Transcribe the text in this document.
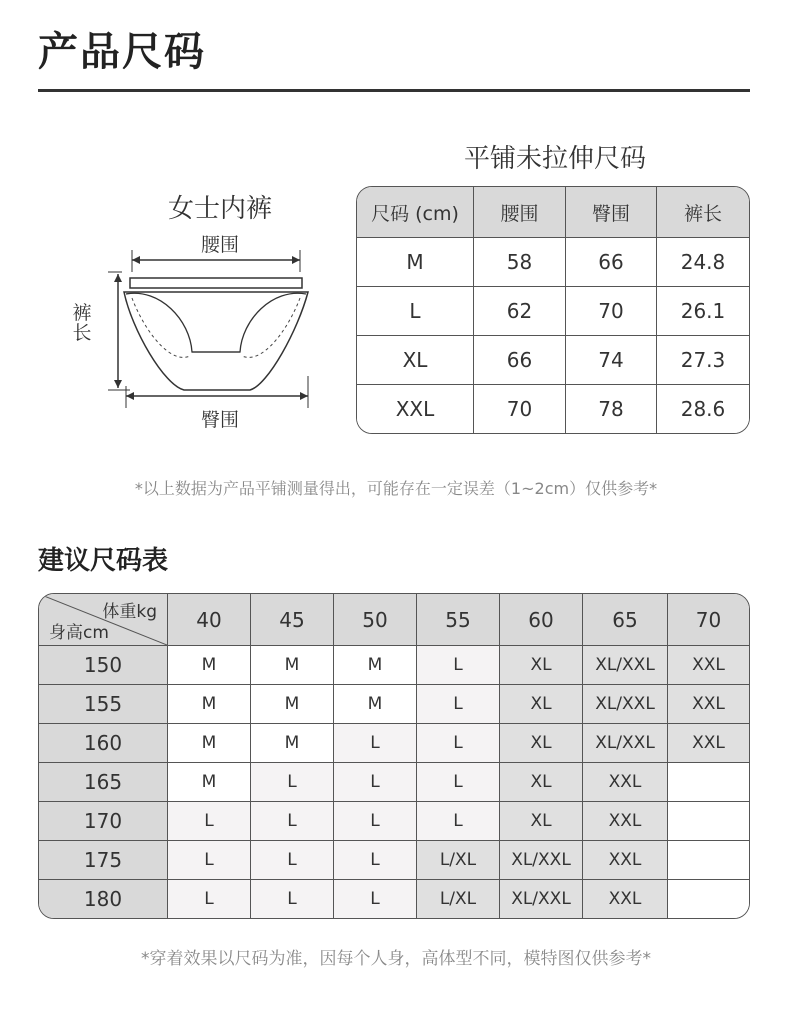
产品尺码
女士内裤
腰围
臀围
裤长
平铺未拉伸尺码
尺码 (cm)	腰围	臀围	裤长
M	58	66	24.8
L	62	70	26.1
XL	66	74	27.3
XXL	70	78	28.6
*以上数据为产品平铺测量得出，可能存在一定误差（1~2cm）仅供参考*
建议尺码表
体重kg
身高cm	40	45	50	55	60	65	70
150	M	M	M	L	XL	XL/XXL	XXL
155	M	M	M	L	XL	XL/XXL	XXL
160	M	M	L	L	XL	XL/XXL	XXL
165	M	L	L	L	XL	XXL	
170	L	L	L	L	XL	XXL	
175	L	L	L	L/XL	XL/XXL	XXL	
180	L	L	L	L/XL	XL/XXL	XXL	
*穿着效果以尺码为准，因每个人身，高体型不同，模特图仅供参考*
